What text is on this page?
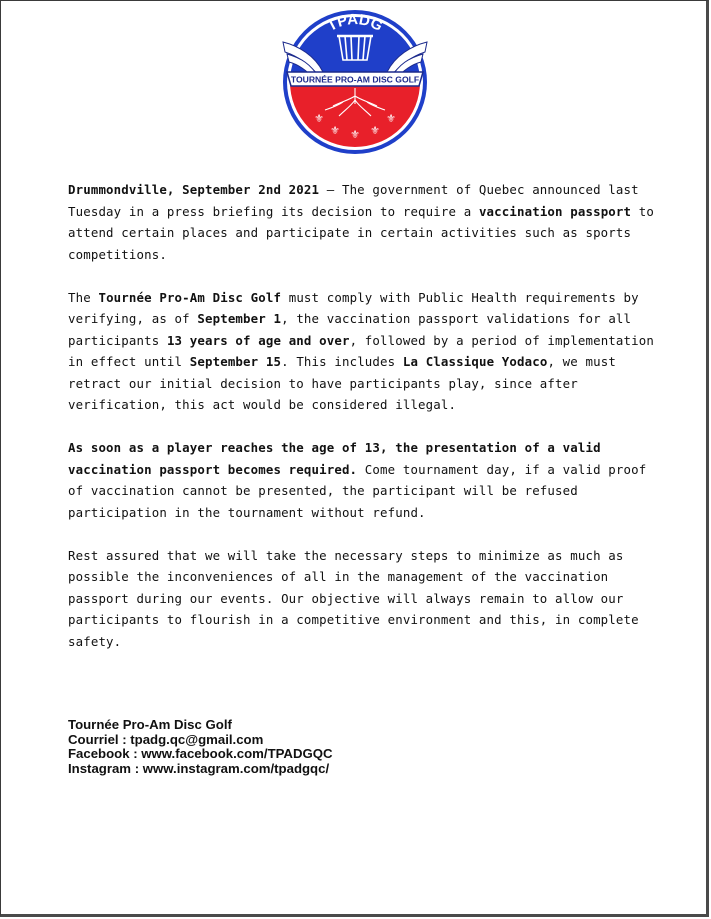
TPADG
TOURNÉE PRO-AM DISC GOLF
⚜
⚜ ⚜ ⚜
⚜

Drummondville, September 2nd 2021 – The government of Quebec announced last Tuesday in a press briefing its decision to require a vaccination passport to attend certain places and participate in certain activities such as sports competitions.

The Tournée Pro-Am Disc Golf must comply with Public Health requirements by verifying, as of September 1, the vaccination passport validations for all participants 13 years of age and over, followed by a period of implementation in effect until September 15. This includes La Classique Yodaco, we must retract our initial decision to have participants play, since after verification, this act would be considered illegal.

As soon as a player reaches the age of 13, the presentation of a valid vaccination passport becomes required. Come tournament day, if a valid proof of vaccination cannot be presented, the participant will be refused participation in the tournament without refund.

Rest assured that we will take the necessary steps to minimize as much as possible the inconveniences of all in the management of the vaccination passport during our events. Our objective will always remain to allow our participants to flourish in a competitive environment and this, in complete safety.

Tournée Pro-Am Disc Golf
Courriel : tpadg.qc@gmail.com
Facebook : www.facebook.com/TPADGQC
Instagram : www.instagram.com/tpadgqc/
